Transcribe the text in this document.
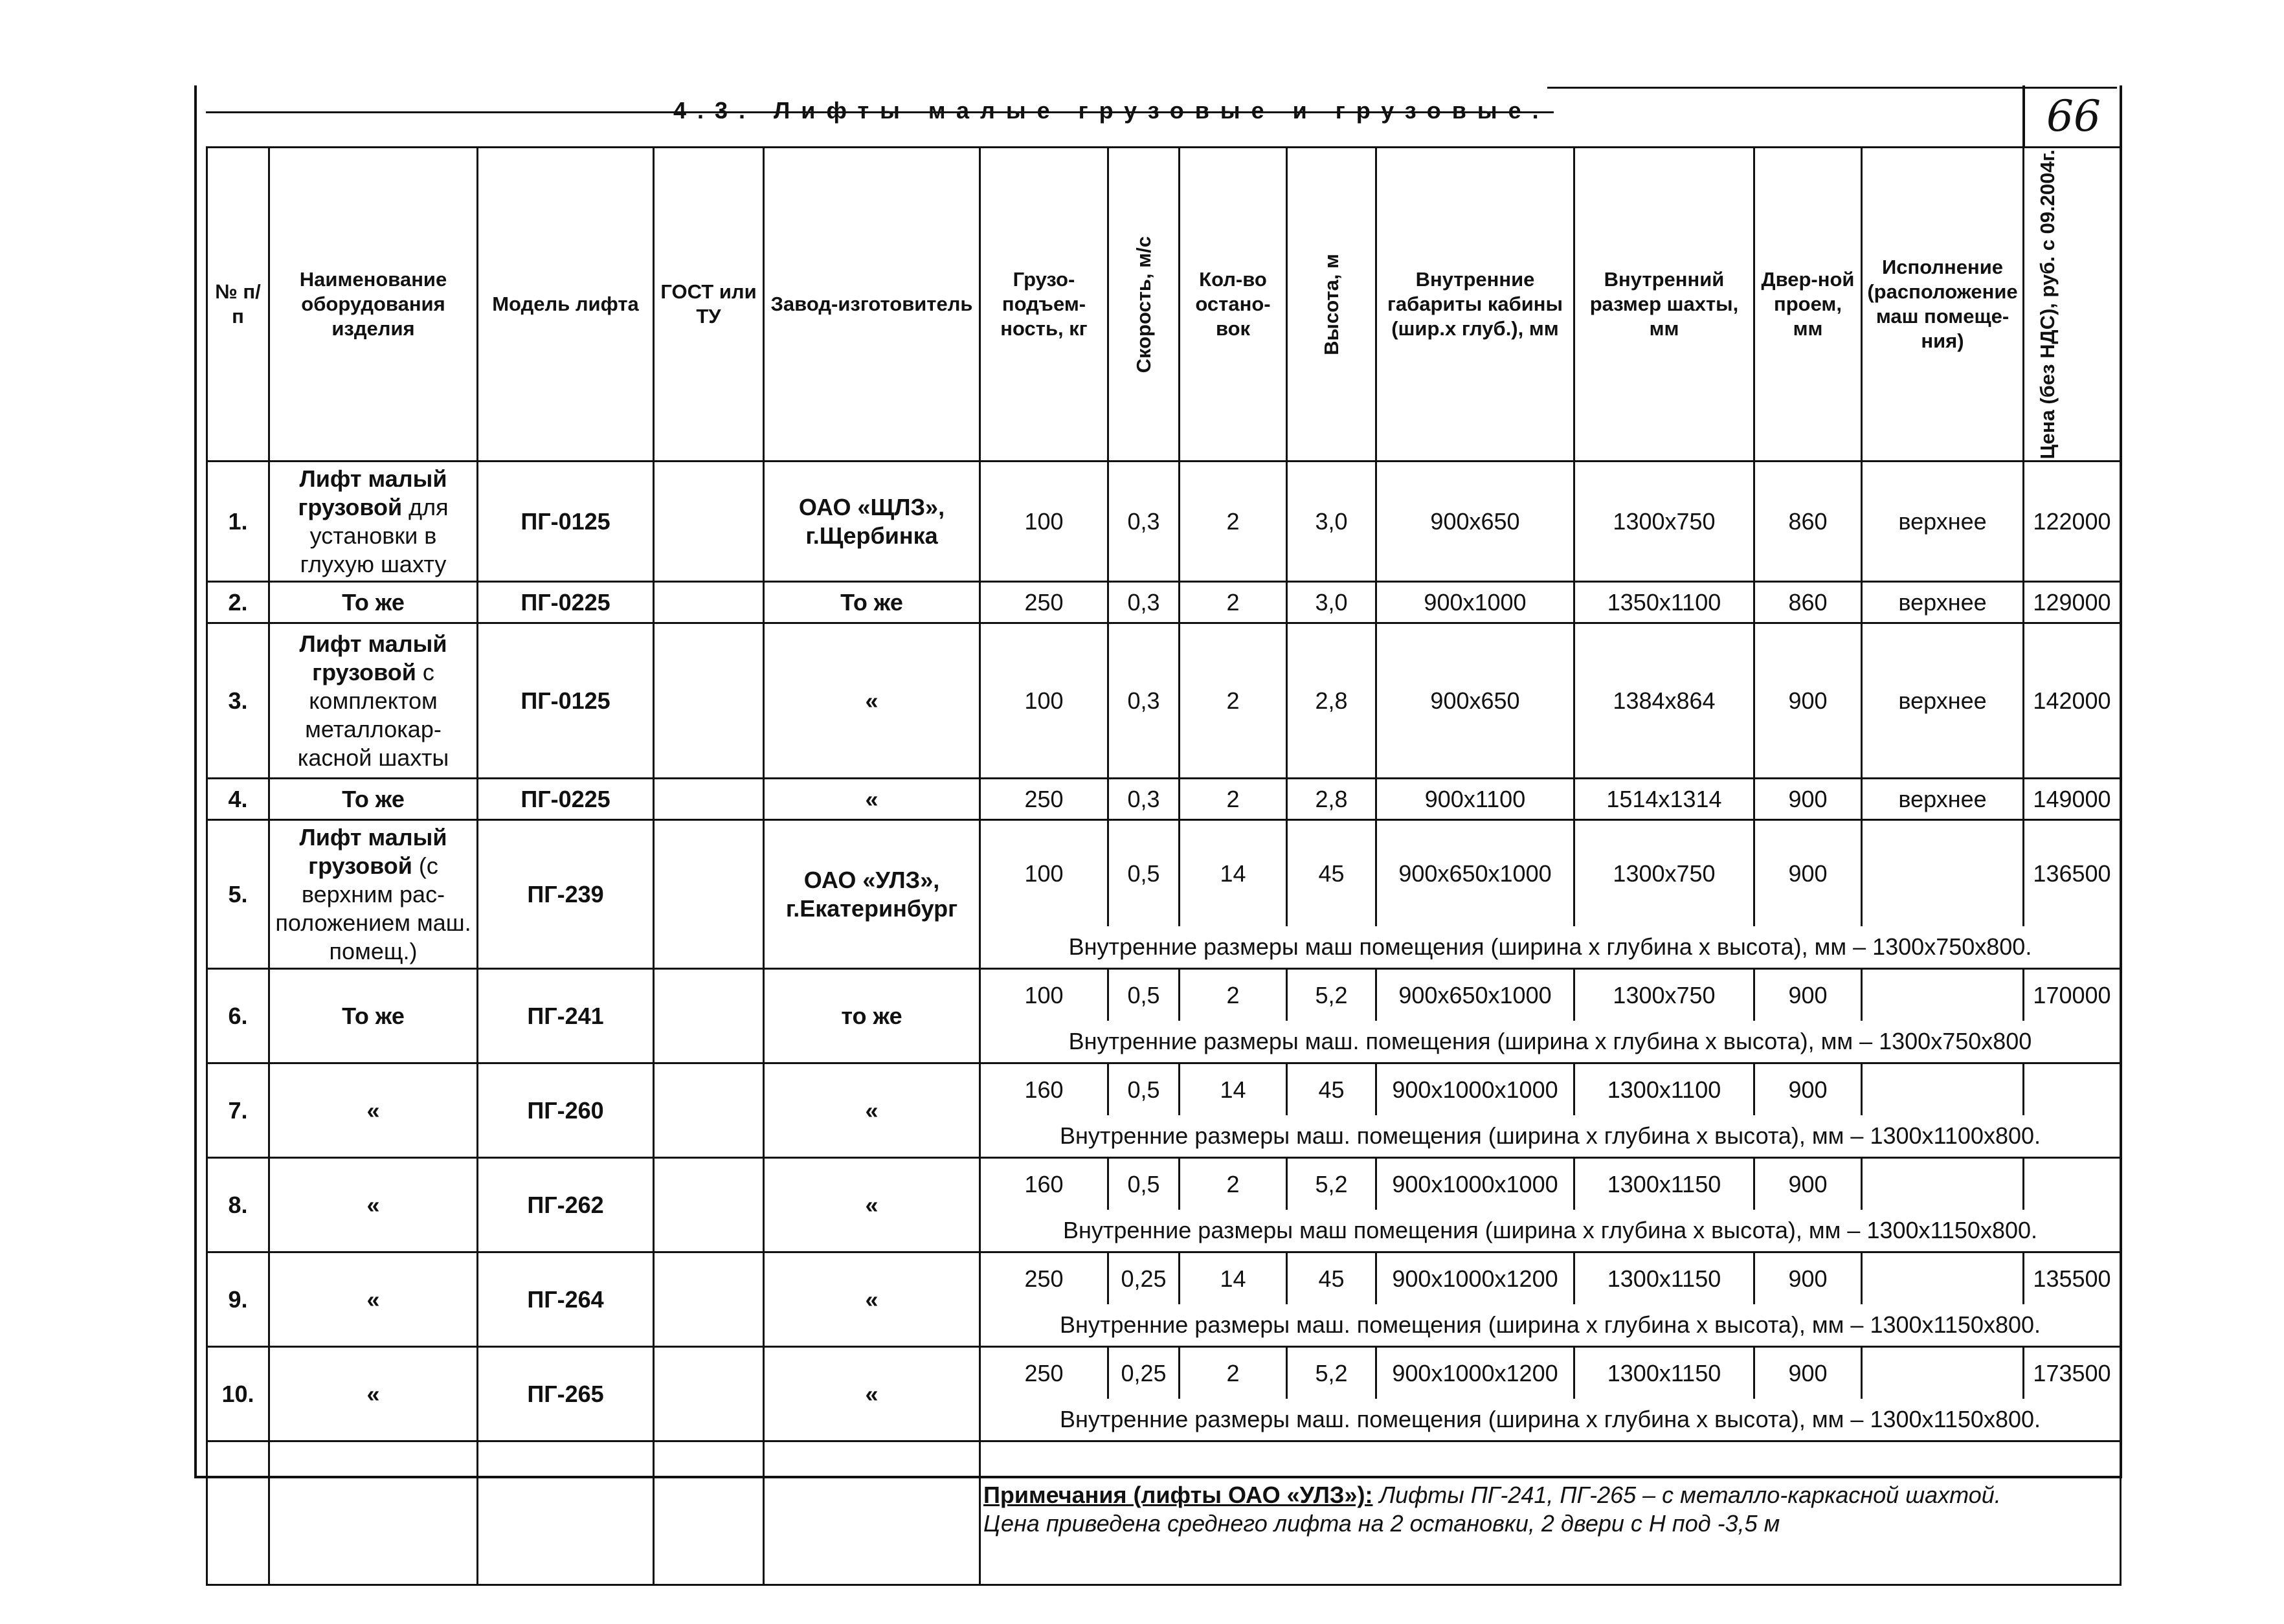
4.3. Лифты малые грузовые и грузовые.	66
№ п/п	Наименование оборудования изделия	Модель лифта	ГОСТ или ТУ	Завод-изготовитель	Грузо-подъем-ность, кг	Скорость, м/с	Кол-во остано-вок	Высота, м	Внутренние габариты кабины (шир.х глуб.), мм	Внутренний размер шахты, мм	Двер-ной проем, мм	Исполнение (расположение маш помеще-ния)	Цена (без НДС), руб. с 09.2004г.

1.	Лифт малый грузовой для установки в глухую шахту	ПГ-0125		ОАО «ЩЛЗ», г.Щербинка	100	0,3	2	3,0	900x650	1300x750	860	верхнее	122000
2.	То же	ПГ-0225		То же	250	0,3	2	3,0	900x1000	1350x1100	860	верхнее	129000
3.	Лифт малый грузовой с комплектом металлокар-касной шахты	ПГ-0125		«	100	0,3	2	2,8	900x650	1384x864	900	верхнее	142000
4.	То же	ПГ-0225		«	250	0,3	2	2,8	900x1100	1514x1314	900	верхнее	149000
5.	Лифт малый грузовой (с верхним рас-положением маш. помещ.)	ПГ-239		ОАО «УЛЗ», г.Екатеринбург	100	0,5	14	45	900x650x1000	1300x750	900		136500
					Внутренние размеры маш помещения (ширина х глубина х высота), мм – 1300x750x800.								
6.	То же	ПГ-241		то же	100	0,5	2	5,2	900x650x1000	1300x750	900		170000
					Внутренние размеры маш. помещения (ширина х глубина х высота), мм – 1300x750x800								
7.	«	ПГ-260		«	160	0,5	14	45	900x1000x1000	1300x1100	900		
					Внутренние размеры маш. помещения (ширина х глубина х высота), мм – 1300x1100x800.								
8.	«	ПГ-262		«	160	0,5	2	5,2	900x1000x1000	1300x1150	900		
					Внутренние размеры маш помещения (ширина х глубина х высота), мм – 1300x1150x800.								
9.	«	ПГ-264		«	250	0,25	14	45	900x1000x1200	1300x1150	900		135500
					Внутренние размеры маш. помещения (ширина х глубина х высота), мм – 1300x1150x800.								
10.	«	ПГ-265		«	250	0,25	2	5,2	900x1000x1200	1300x1150	900		173500
					Внутренние размеры маш. помещения (ширина х глубина х высота), мм – 1300x1150x800.								
					Примечания (лифты ОАО «УЛЗ»): Лифты ПГ-241, ПГ-265 – с металло-каркасной шахтой.
Цена приведена среднего лифта на 2 остановки, 2 двери с Н под -3,5 м								
